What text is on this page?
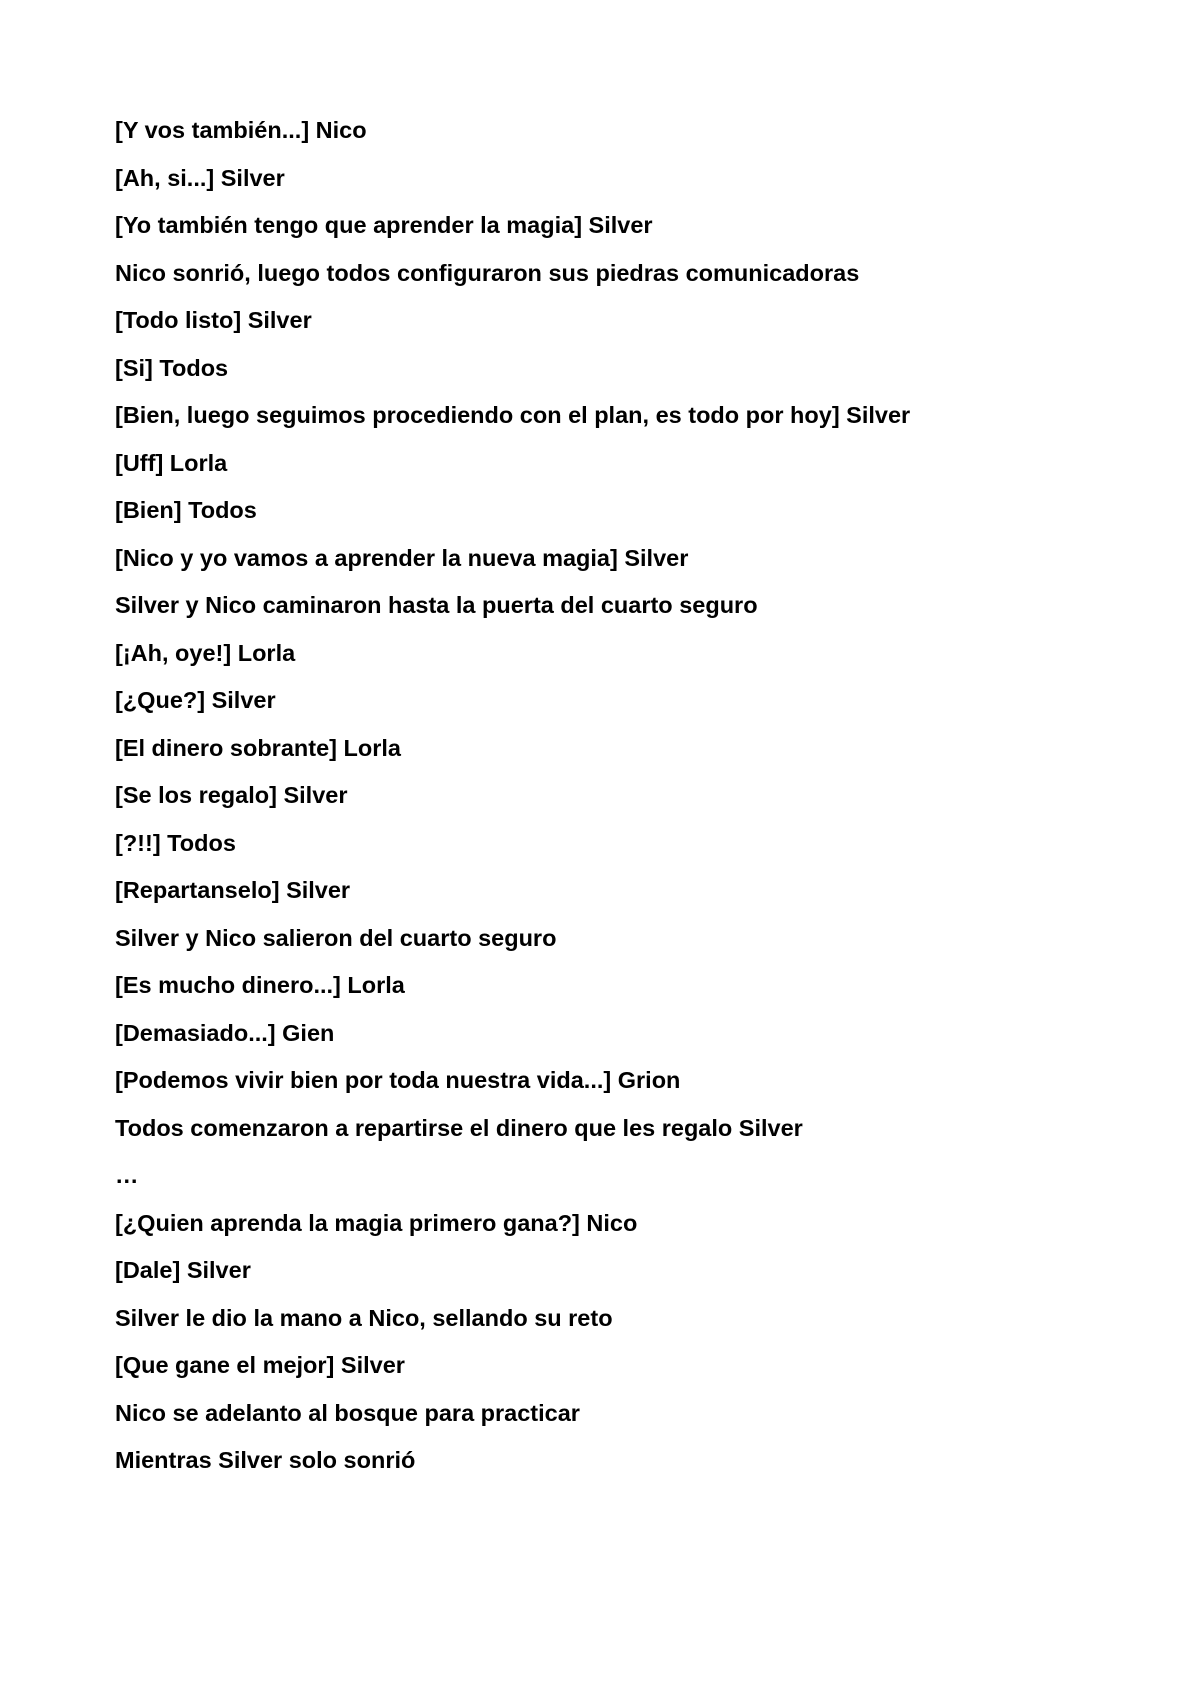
[Y vos también...] Nico
[Ah, si...] Silver
[Yo también tengo que aprender la magia] Silver
Nico sonrió, luego todos configuraron sus piedras comunicadoras
[Todo listo] Silver
[Si] Todos
[Bien, luego seguimos procediendo con el plan, es todo por hoy] Silver
[Uff] Lorla
[Bien] Todos
[Nico y yo vamos a aprender la nueva magia] Silver
Silver y Nico caminaron hasta la puerta del cuarto seguro
[¡Ah, oye!] Lorla
[¿Que?] Silver
[El dinero sobrante] Lorla
[Se los regalo] Silver
[?!!] Todos
[Repartanselo] Silver
Silver y Nico salieron del cuarto seguro
[Es mucho dinero...] Lorla
[Demasiado...] Gien
[Podemos vivir bien por toda nuestra vida...] Grion
Todos comenzaron a repartirse el dinero que les regalo Silver
…
[¿Quien aprenda la magia primero gana?] Nico
[Dale] Silver
Silver le dio la mano a Nico, sellando su reto
[Que gane el mejor] Silver
Nico se adelanto al bosque para practicar
Mientras Silver solo sonrió
